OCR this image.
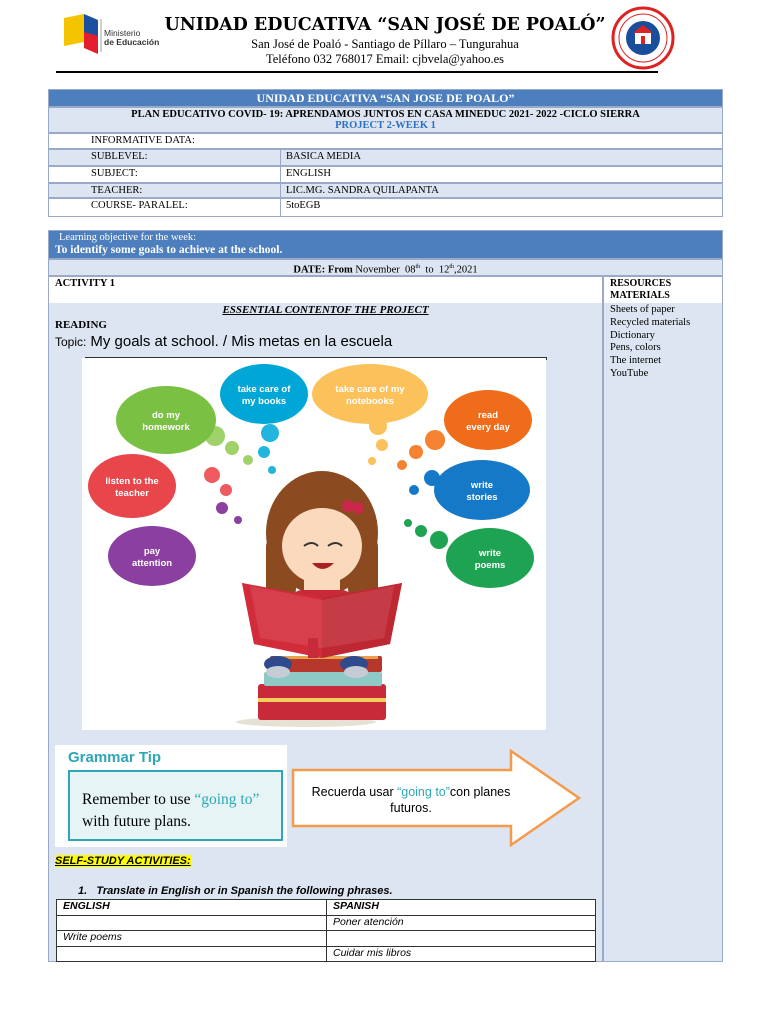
Ministerio
de Educación
UNIDAD EDUCATIVA “SAN JOSÉ DE POALÓ”
San José de Poaló - Santiago de Píllaro – Tungurahua
Teléfono 032 768017 Email: cjbvela@yahoo.es
UNIDAD EDUCATIVA “SAN JOSE DE POALO”
PLAN EDUCATIVO COVID- 19: APRENDAMOS JUNTOS EN CASA MINEDUC 2021- 2022 -CICLO SIERRA
PROJECT 2-WEEK 1
INFORMATIVE DATA:
SUBLEVEL:	BASICA MEDIA
SUBJECT:	ENGLISH
TEACHER:	LIC.MG. SANDRA QUILAPANTA
COURSE- PARALEL:	5toEGB
Learning objective for the week:
To identify some goals to achieve at the school.
DATE: From November 08th to 12th,2021
ACTIVITY 1
ESSENTIAL CONTENTOF THE PROJECT
READING
Topic: My goals at school. / Mis metas en la escuela
RESOURCES
MATERIALS
Sheets of paper
Recycled materials
Dictionary
Pens, colors
The internet
YouTube
do my
homework
take care of
my books
take care of my
notebooks
read
every day
listen to the
teacher
write
stories
pay
attention
write
poems
Grammar Tip
Remember to use “going to”
with future plans.
Recuerda usar “going to”con planes
futuros.
SELF-STUDY ACTIVITIES:
1. Translate in English or in Spanish the following phrases.
ENGLISH	SPANISH
	Poner atención
Write poems	
	Cuidar mis libros
